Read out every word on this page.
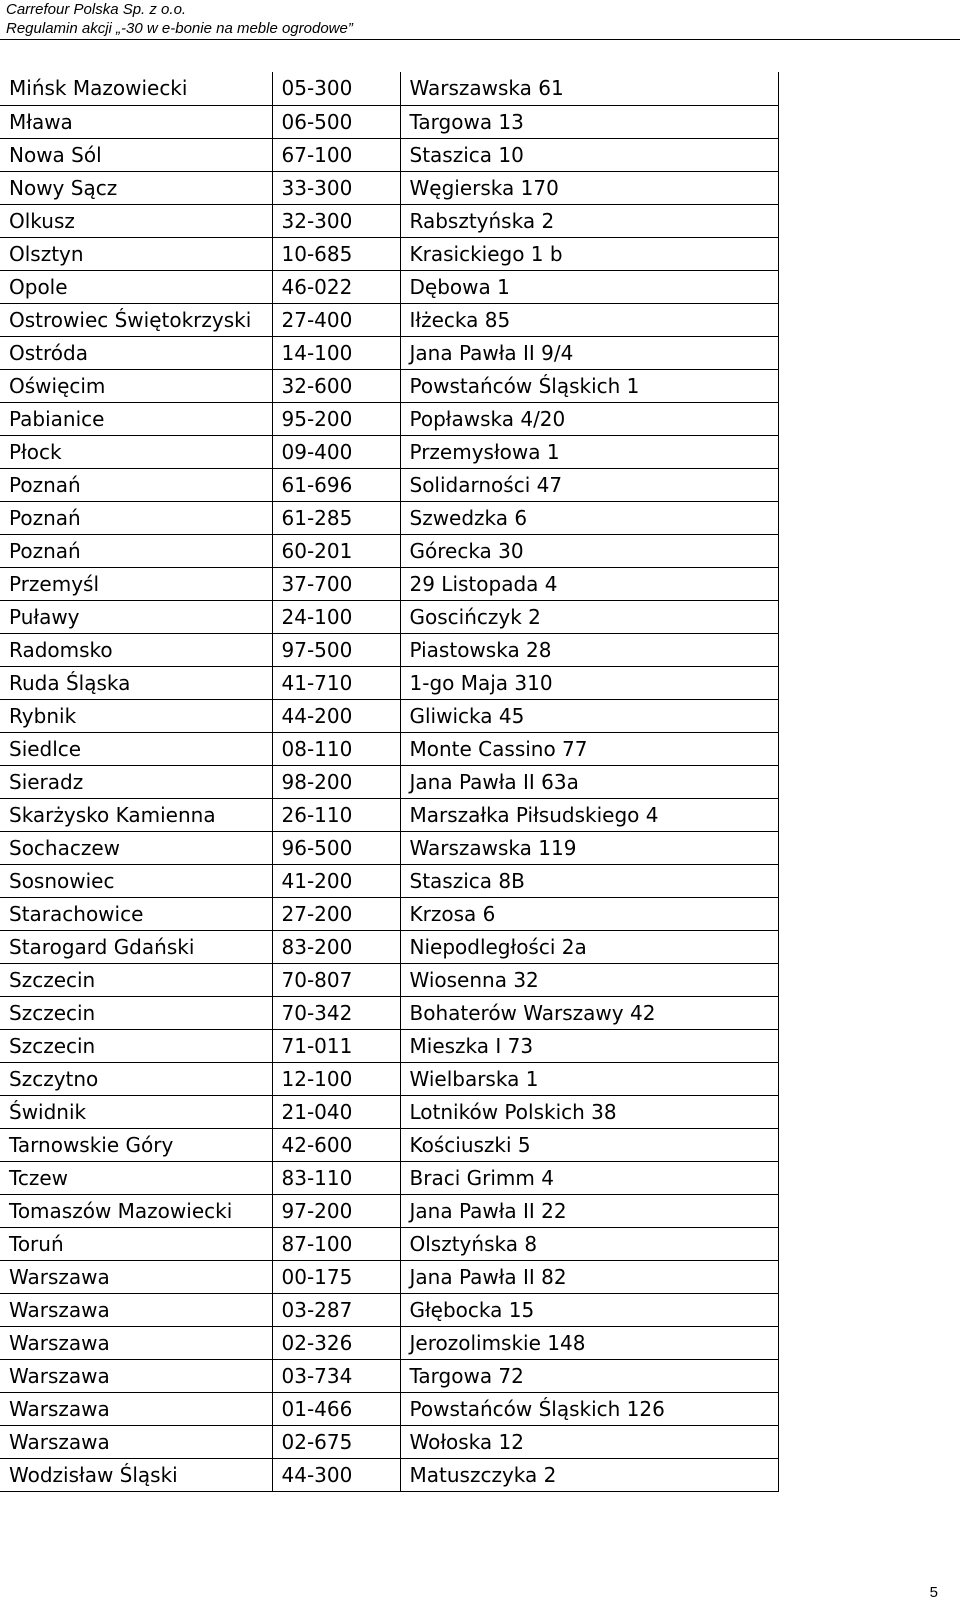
Carrefour Polska Sp. z o.o.
Regulamin akcji „-30 w e-bonie na meble ogrodowe”
Mińsk Mazowiecki	05-300	Warszawska 61
Mława	06-500	Targowa 13
Nowa Sól	67-100	Staszica 10
Nowy Sącz	33-300	Węgierska 170
Olkusz	32-300	Rabsztyńska 2
Olsztyn	10-685	Krasickiego 1 b
Opole	46-022	Dębowa 1
Ostrowiec Świętokrzyski	27-400	Iłżecka 85
Ostróda	14-100	Jana Pawła II 9/4
Oświęcim	32-600	Powstańców Śląskich 1
Pabianice	95-200	Popławska 4/20
Płock	09-400	Przemysłowa 1
Poznań	61-696	Solidarności 47
Poznań	61-285	Szwedzka 6
Poznań	60-201	Górecka 30
Przemyśl	37-700	29 Listopada 4
Puławy	24-100	Goscińczyk 2
Radomsko	97-500	Piastowska 28
Ruda Śląska	41-710	1-go Maja 310
Rybnik	44-200	Gliwicka 45
Siedlce	08-110	Monte Cassino 77
Sieradz	98-200	Jana Pawła II 63a
Skarżysko Kamienna	26-110	Marszałka Piłsudskiego 4
Sochaczew	96-500	Warszawska 119
Sosnowiec	41-200	Staszica 8B
Starachowice	27-200	Krzosa 6
Starogard Gdański	83-200	Niepodległości 2a
Szczecin	70-807	Wiosenna 32
Szczecin	70-342	Bohaterów Warszawy 42
Szczecin	71-011	Mieszka I 73
Szczytno	12-100	Wielbarska 1
Świdnik	21-040	Lotników Polskich 38
Tarnowskie Góry	42-600	Kościuszki 5
Tczew	83-110	Braci Grimm 4
Tomaszów Mazowiecki	97-200	Jana Pawła II 22
Toruń	87-100	Olsztyńska 8
Warszawa	00-175	Jana Pawła II 82
Warszawa	03-287	Głębocka 15
Warszawa	02-326	Jerozolimskie 148
Warszawa	03-734	Targowa 72
Warszawa	01-466	Powstańców Śląskich 126
Warszawa	02-675	Wołoska 12
Wodzisław Śląski	44-300	Matuszczyka 2
5
